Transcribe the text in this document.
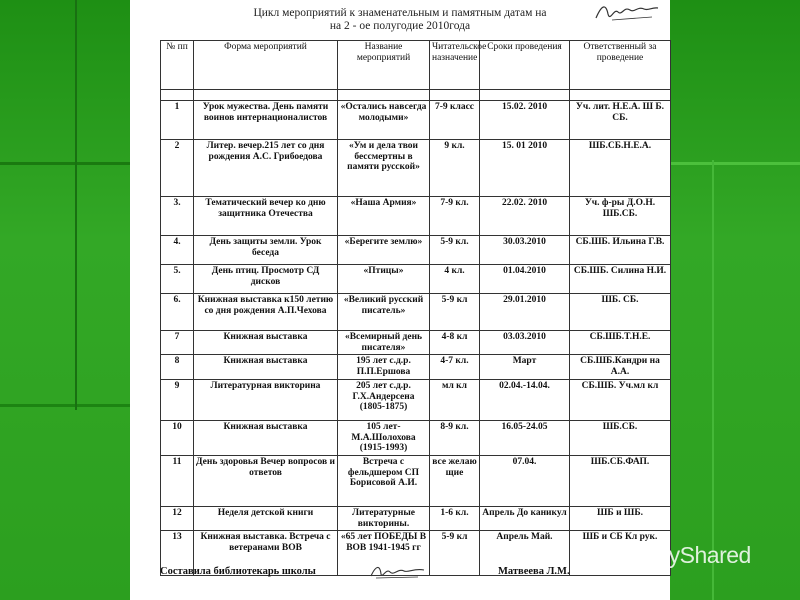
Цикл мероприятий к знаменательным и памятным датам на
на 2 - ое полугодие 2010года
№ пп	Форма мероприятий	Название мероприятий	Читательское назначение	Сроки проведения	Ответственный за проведение

1	Урок мужества. День памяти воинов интернационалистов	«Остались навсегда молодыми»	7-9 класс	15.02. 2010	Уч. лит. Н.Е.А. Ш Б. СБ.
2	Литер. вечер.215 лет со дня рождения А.С. Грибоедова	«Ум и дела твои бессмертны в памяти русской»	9 кл.	15. 01 2010	ШБ.СБ.Н.Е.А.
3.	Тематический вечер ко дню защитника Отечества	«Наша Армия»	7-9 кл.	22.02. 2010	Уч. ф-ры Д.О.Н. ШБ.СБ.
4.	День защиты земли. Урок беседа	«Берегите землю»	5-9 кл.	30.03.2010	СБ.ШБ. Ильина Г.В.
5.	День птиц. Просмотр СД дисков	«Птицы»	4 кл.	01.04.2010	СБ.ШБ. Силина Н.И.
6.	Книжная выставка к150 летию со дня рождения А.П.Чехова	«Великий русский писатель»	5-9 кл	29.01.2010	ШБ. СБ.
7	Книжная выставка	«Всемирный день писателя»	4-8 кл	03.03.2010	СБ.ШБ.Т.Н.Е.
8	Книжная выставка	195 лет с.д.р. П.П.Ершова	4-7 кл.	Март	СБ.ШБ.Кандри на А.А.
9	Литературная викторина	205 лет с.д.р. Г.Х.Андерсена (1805-1875)	мл кл	02.04.-14.04.	СБ.ШБ. Уч.мл кл
10	Книжная выставка	105 лет- М.А.Шолохова (1915-1993)	8-9 кл.	16.05-24.05	ШБ.СБ.
11	День здоровья Вечер вопросов и ответов	Встреча с фельдшером СП Борисовой А.И.	все желаю щие	07.04.	ШБ.СБ.ФАП.
12	Неделя детской книги	Литературные викторины.	1-6 кл.	Апрель До каникул	ШБ и ШБ.
13	Книжная выставка. Встреча с ветеранами ВОВ	«65 лет ПОБЕДЫ В ВОВ 1941-1945 гг	5-9 кл	Апрель Май.	ШБ и СБ Кл рук.
Составила библиотекарь школы	Матвеева Л.М.
MyShared
